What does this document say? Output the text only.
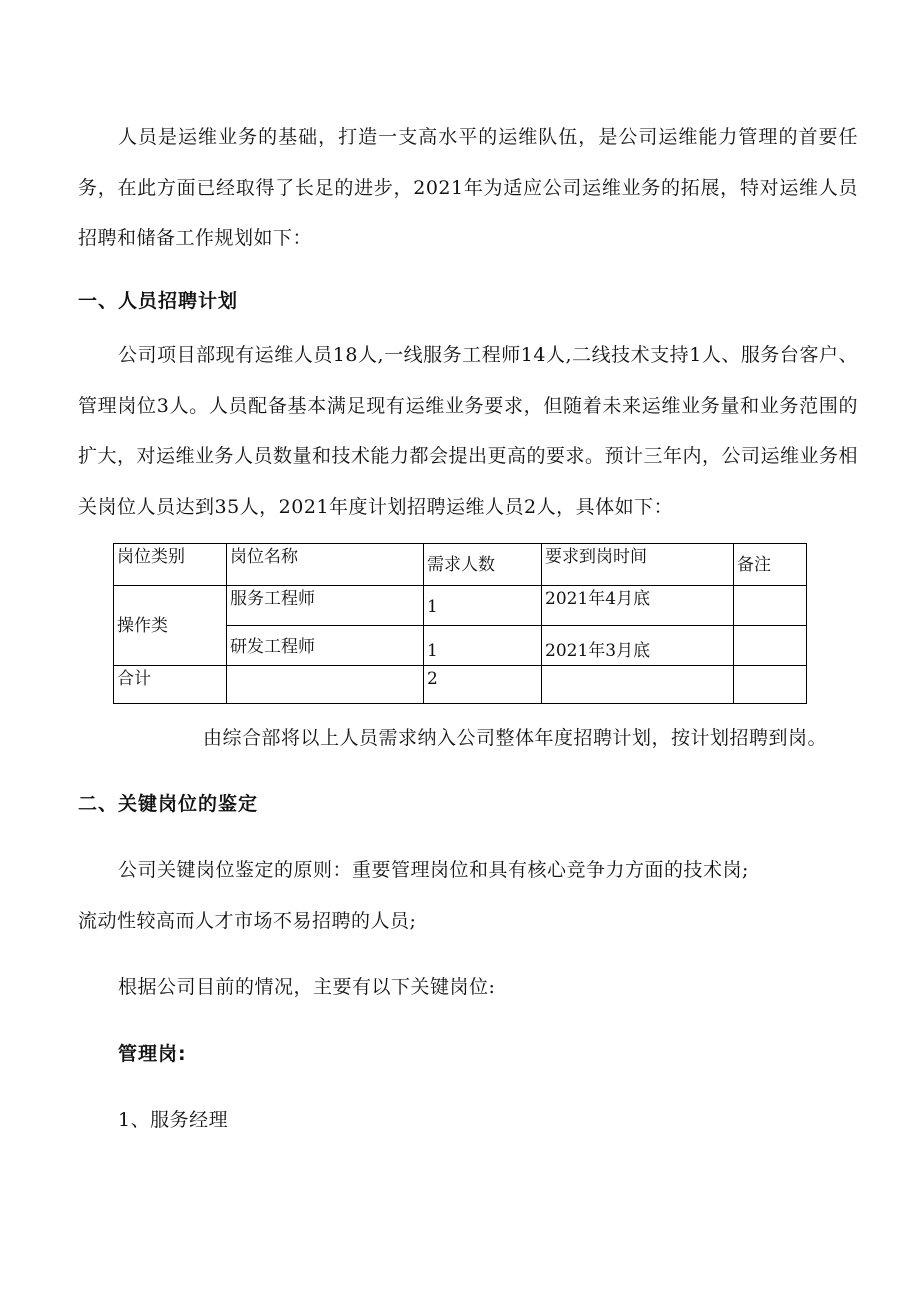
人员是运维业务的基础，打造一支高水平的运维队伍，是公司运维能力管理的首要任务，在此方面已经取得了长足的进步，2021年为适应公司运维业务的拓展，特对运维人员招聘和储备工作规划如下：

一、人员招聘计划

公司项目部现有运维人员18人,一线服务工程师14人,二线技术支持1人、服务台客户、管理岗位3人。人员配备基本满足现有运维业务要求，但随着未来运维业务量和业务范围的扩大，对运维业务人员数量和技术能力都会提出更高的要求。预计三年内，公司运维业务相关岗位人员达到35人，2021年度计划招聘运维人员2人，具体如下：

岗位类别	岗位名称	需求人数	要求到岗时间	备注
操作类	服务工程师	1	2021年4月底	
	研发工程师	1	2021年3月底	
合计		2		

由综合部将以上人员需求纳入公司整体年度招聘计划，按计划招聘到岗。

二、关键岗位的鉴定

公司关键岗位鉴定的原则：重要管理岗位和具有核心竞争力方面的技术岗;

流动性较高而人才市场不易招聘的人员;

根据公司目前的情况，主要有以下关键岗位:

管理岗:

1、服务经理
